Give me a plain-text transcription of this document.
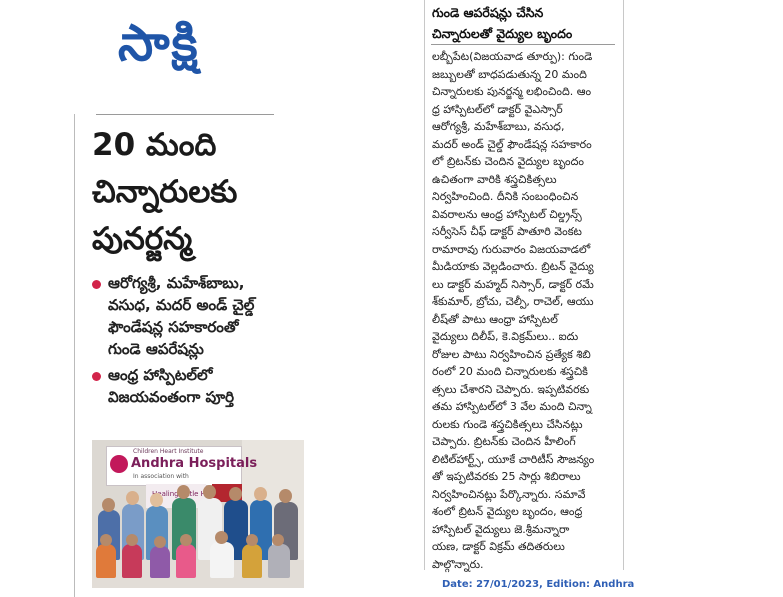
సాక్షి
20 మంది
చిన్నారులకు
పునర్జన్మ
ఆరోగ్యశ్రీ, మహేశ్‌బాబు,
వసుధ, మదర్ అండ్ చైల్డ్
ఫౌండేషన్ల సహకారంతో
గుండె ఆపరేషన్లు
ఆంధ్ర హాస్పిటల్‌లో
విజయవంతంగా పూర్తి
Children Heart Institute
Andhra Hospitals
In association with
Healing
గుండె ఆపరేషన్లు చేసిన
చిన్నారులతో వైద్యుల బృందం
లబ్బీపేట(విజయవాడ తూర్పు): గుండె
జబ్బులతో బాధపడుతున్న 20 మంది
చిన్నారులకు పునర్జన్మ లభించింది. ఆం
ధ్ర హాస్పిటల్‌లో డాక్టర్ వైఎస్సార్
ఆరోగ్యశ్రీ, మహేశ్‌బాబు, వసుధ,
మదర్ అండ్ చైల్డ్ ఫౌండేషన్ల సహకారం
లో బ్రిటన్‌కు చెందిన వైద్యుల బృందం
ఉచితంగా వారికి శస్త్రచికిత్సలు
నిర్వహించింది. దీనికి సంబంధించిన
వివరాలను ఆంధ్ర హాస్పిటల్ చిల్డ్రన్స్
సర్వీసెస్ చీఫ్ డాక్టర్ పాతూరి వెంకట
రామారావు గురువారం విజయవాడలో
మీడియాకు వెల్లడించారు. బ్రిటన్ వైద్యు
లు డాక్టర్ మహ్మద్ నిస్సార్, డాక్టర్ రమే
శ్‌కుమార్, బ్రోచు, చెల్పీ, రాచెల్, ఆయు
లీష్‌తో పాటు ఆంధ్రా హాస్పిటల్
వైద్యులు దిలీప్, కె.విక్రమ్‌లు.. ఐదు
రోజుల పాటు నిర్వహించిన ప్రత్యేక శిబి
రంలో 20 మంది చిన్నారులకు శస్త్రచికి
త్సలు చేశారని చెప్పారు. ఇప్పటివరకు
తమ హాస్పిటల్‌లో 3 వేల మంది చిన్నా
రులకు గుండె శస్త్రచికిత్సలు చేసినట్లు
చెప్పారు. బ్రిటన్‌కు చెందిన హీలింగ్
లిటిల్‌హార్ట్స్, యూకే చారిటీస్ సౌజన్యం
తో ఇప్పటివరకు 25 సార్లు శిబిరాలు
నిర్వహించినట్లు పేర్కొన్నారు. సమావే
శంలో బ్రిటన్ వైద్యుల బృందం, ఆంధ్ర
హాస్పిటల్ వైద్యులు జె.శ్రీమన్నారా
యణ, డాక్టర్ విక్రమ్ తదితరులు
పాల్గొన్నారు.
Date: 27/01/2023, Edition: Andhra
